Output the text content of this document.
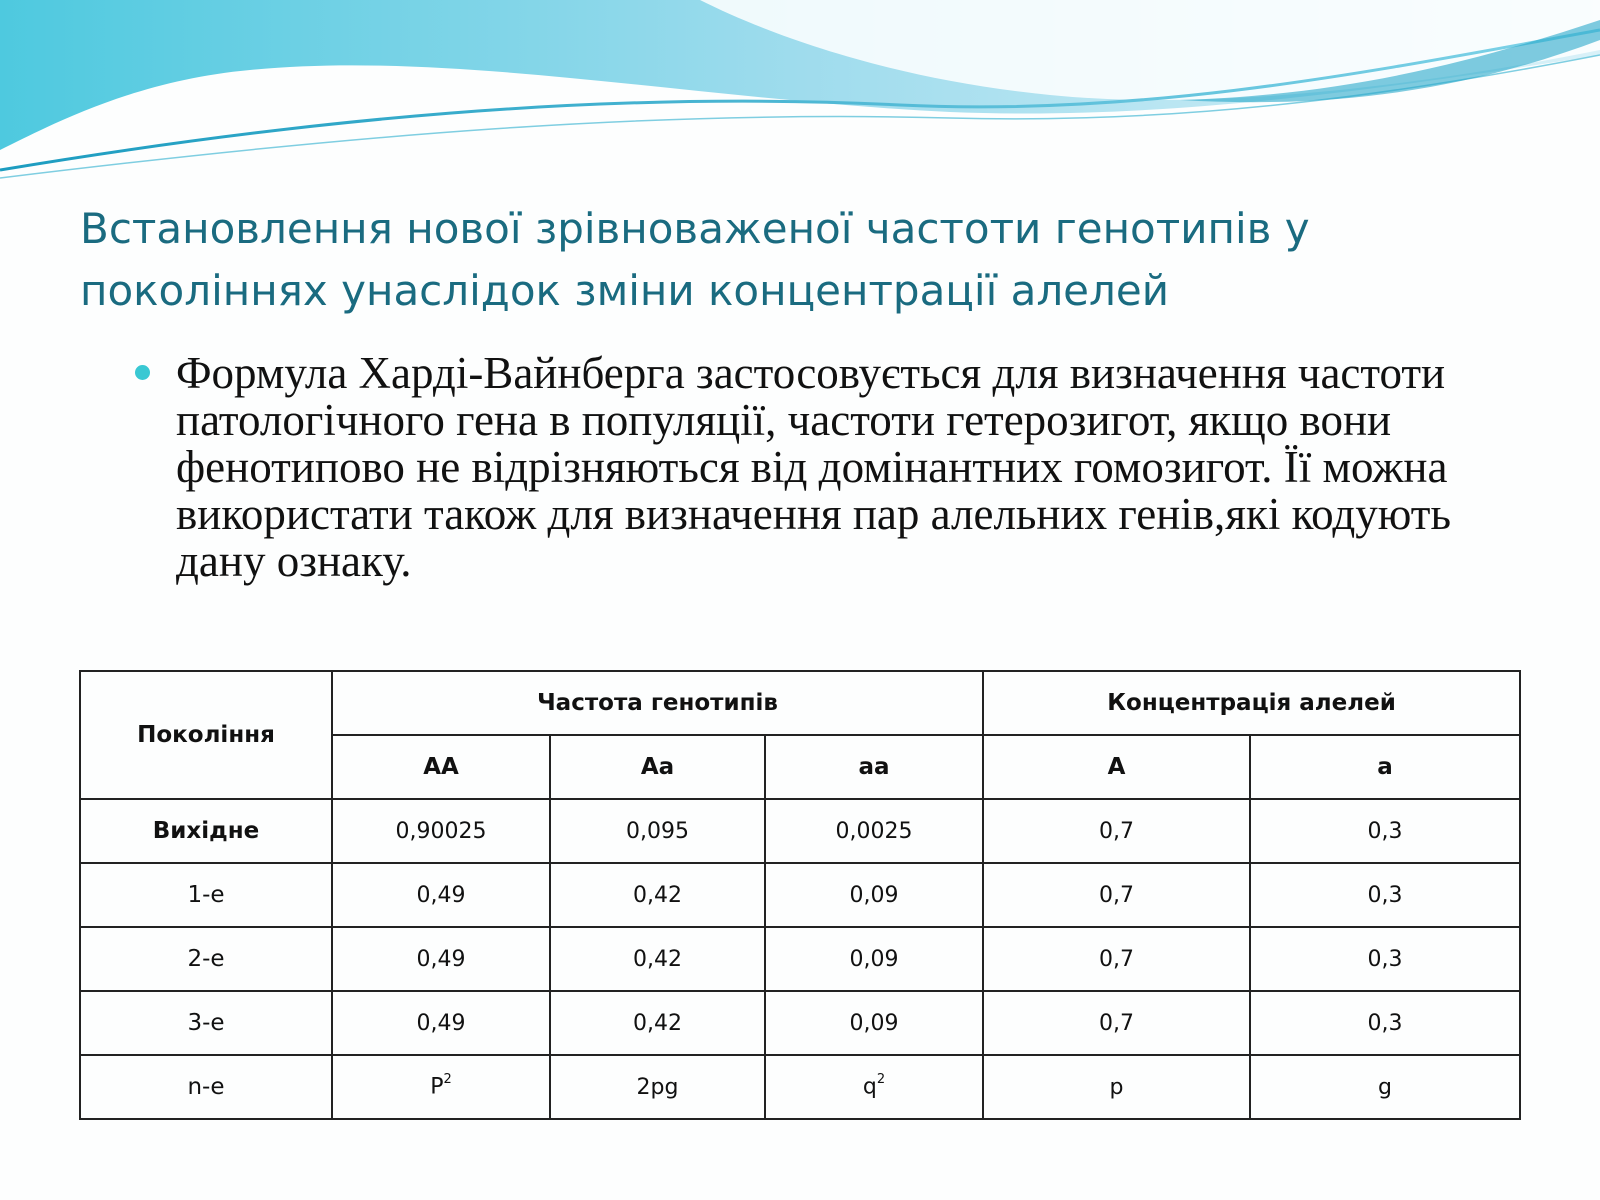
Встановлення нової зрівноваженої частоти генотипів у поколіннях унаслідок зміни концентрації алелей
Формула Харді-Вайнберга застосовується для визначення частоти патологічного гена в популяції, частоти гетерозигот, якщо вони фенотипово не відрізняються від домінантних гомозигот. Її можна використати також для визначення пар алельних генів,які кодують дану ознаку.
Покоління	Частота генотипів			Концентрація алелей	
	АА	Аа	аа	А	а
Вихідне	0,90025	0,095	0,0025	0,7	0,3
1-е	0,49	0,42	0,09	0,7	0,3
2-е	0,49	0,42	0,09	0,7	0,3
3-е	0,49	0,42	0,09	0,7	0,3
n-е	$P^2$	2pg	$q^2$	p	g
